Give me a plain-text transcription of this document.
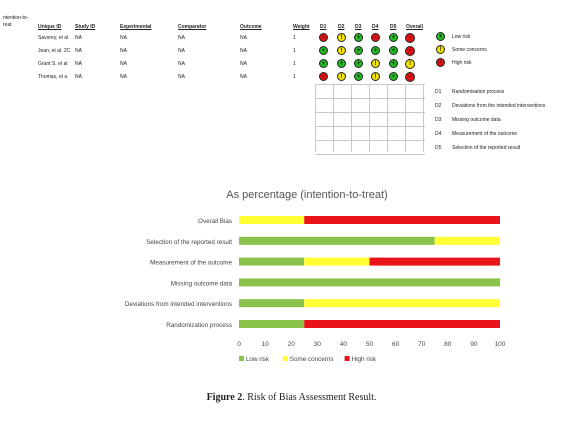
ntention-to-
reat	Unique ID	Study ID	Experimental	Comparator	Outcome	Weight D1 D2 D3 D4 D5 Overall
Savorey, et al NA	NA	NA	NA	1	-	!	+	-	+	-
Jean, et al. 2C NA	NA	NA	NA	1	+	!	+	+	+	-
Grant S, et al NA	NA	NA	NA	1	+	+	+	!	+	!
Thomas, et a NA	NA	NA	NA	1	-	!	+	!	+	-
+	Low risk
!	Some concerns
-	High risk
D1 Randomisation process
D2 Deviations from the intended interventions
D3 Missing outcome data
D4 Measurement of the outcome
D5 Selection of the reported result
As percentage (intention-to-treat)
Overall Bias
Selection of the reported result
Measurement of the outcome
Missing outcome data
Deviations from intended interventions
Randomization process
0	10	20	30	40	50	60	70	80	90	100
Low risk	Some concerns	High risk
Figure 2. Risk of Bias Assessment Result.
